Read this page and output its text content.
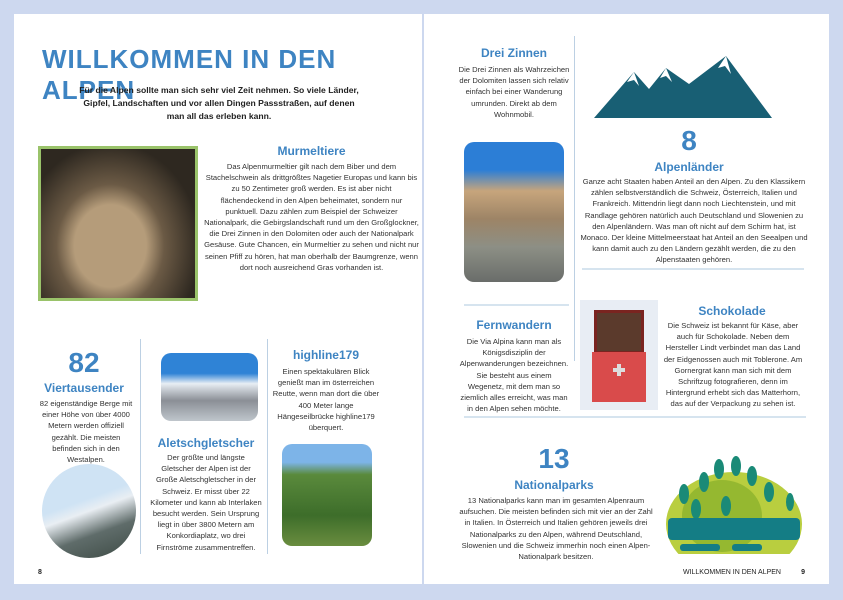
WILLKOMMEN IN DEN ALPEN
Für die Alpen sollte man sich sehr viel Zeit nehmen. So viele Länder, Gipfel, Landschaften und vor allen Dingen Passstraßen, auf denen man all das erleben kann.
Murmeltiere
Das Alpenmurmeltier gilt nach dem Biber und dem Stachelschwein als drittgrößtes Nagetier Europas und kann bis zu 50 Zentimeter groß werden. Es ist aber nicht flächendeckend in den Alpen beheimatet, sondern nur punktuell. Dazu zählen zum Beispiel der Schweizer Nationalpark, die Gebirgslandschaft rund um den Großglockner, die Drei Zinnen in den Dolomiten oder auch der Nationalpark Gesäuse. Gute Chancen, ein Murmeltier zu sehen und nicht nur seinen Pfiff zu hören, hat man oberhalb der Baumgrenze, wenn dort noch ausreichend Gras vorhanden ist.
82
Viertausender
82 eigenständige Berge mit einer Höhe von über 4000 Metern werden offiziell gezählt. Die meisten befinden sich in den Westalpen.
Aletschgletscher
Der größte und längste Gletscher der Alpen ist der Große Aletschgletscher in der Schweiz. Er misst über 22 Kilometer und kann ab Interlaken besucht werden. Sein Ursprung liegt in über 3800 Metern am Konkordiaplatz, wo drei Firnströme zusammentreffen.
highline179
Einen spektakulären Blick genießt man im österreichen Reutte, wenn man dort die über 400 Meter lange Hängeseilbrücke highline179 überquert.
8
Drei Zinnen
Die Drei Zinnen als Wahrzeichen der Dolomiten lassen sich relativ einfach bei einer Wanderung umrunden. Direkt ab dem Wohnmobil.
8
Alpenländer
Ganze acht Staaten haben Anteil an den Alpen. Zu den Klassikern zählen selbstverständlich die Schweiz, Österreich, Italien und Frankreich. Mittendrin liegt dann noch Liechtenstein, und mit Randlage gehören natürlich auch Deutschland und Slowenien zu den Alpenländern. Was man oft nicht auf dem Schirm hat, ist Monaco. Der kleine Mittelmeerstaat hat Anteil an den Seealpen und kann damit auch zu den Ländern gezählt werden, die zu den Alpenstaaten gehören.
Fernwandern
Die Via Alpina kann man als Königsdisziplin der Alpenwanderungen bezeichnen. Sie besteht aus einem Wegenetz, mit dem man so ziemlich alles erreicht, was man in den Alpen sehen möchte.
Schokolade
Die Schweiz ist bekannt für Käse, aber auch für Schokolade. Neben dem Hersteller Lindt verbindet man das Land der Eidgenossen auch mit Toblerone. Am Gornergrat kann man sich mit dem Schriftzug fotografieren, denn im Hintergrund erhebt sich das Matterhorn, das auf der Verpackung zu sehen ist.
13
Nationalparks
13 Nationalparks kann man im gesamten Alpenraum aufsuchen. Die meisten befinden sich mit vier an der Zahl in Italien. In Österreich und Italien gehören jeweils drei Nationalparks zu den Alpen, während Deutschland, Slowenien und die Schweiz immerhin noch einen Alpen-Nationalpark besitzen.
WILLKOMMEN IN DEN ALPEN	9
